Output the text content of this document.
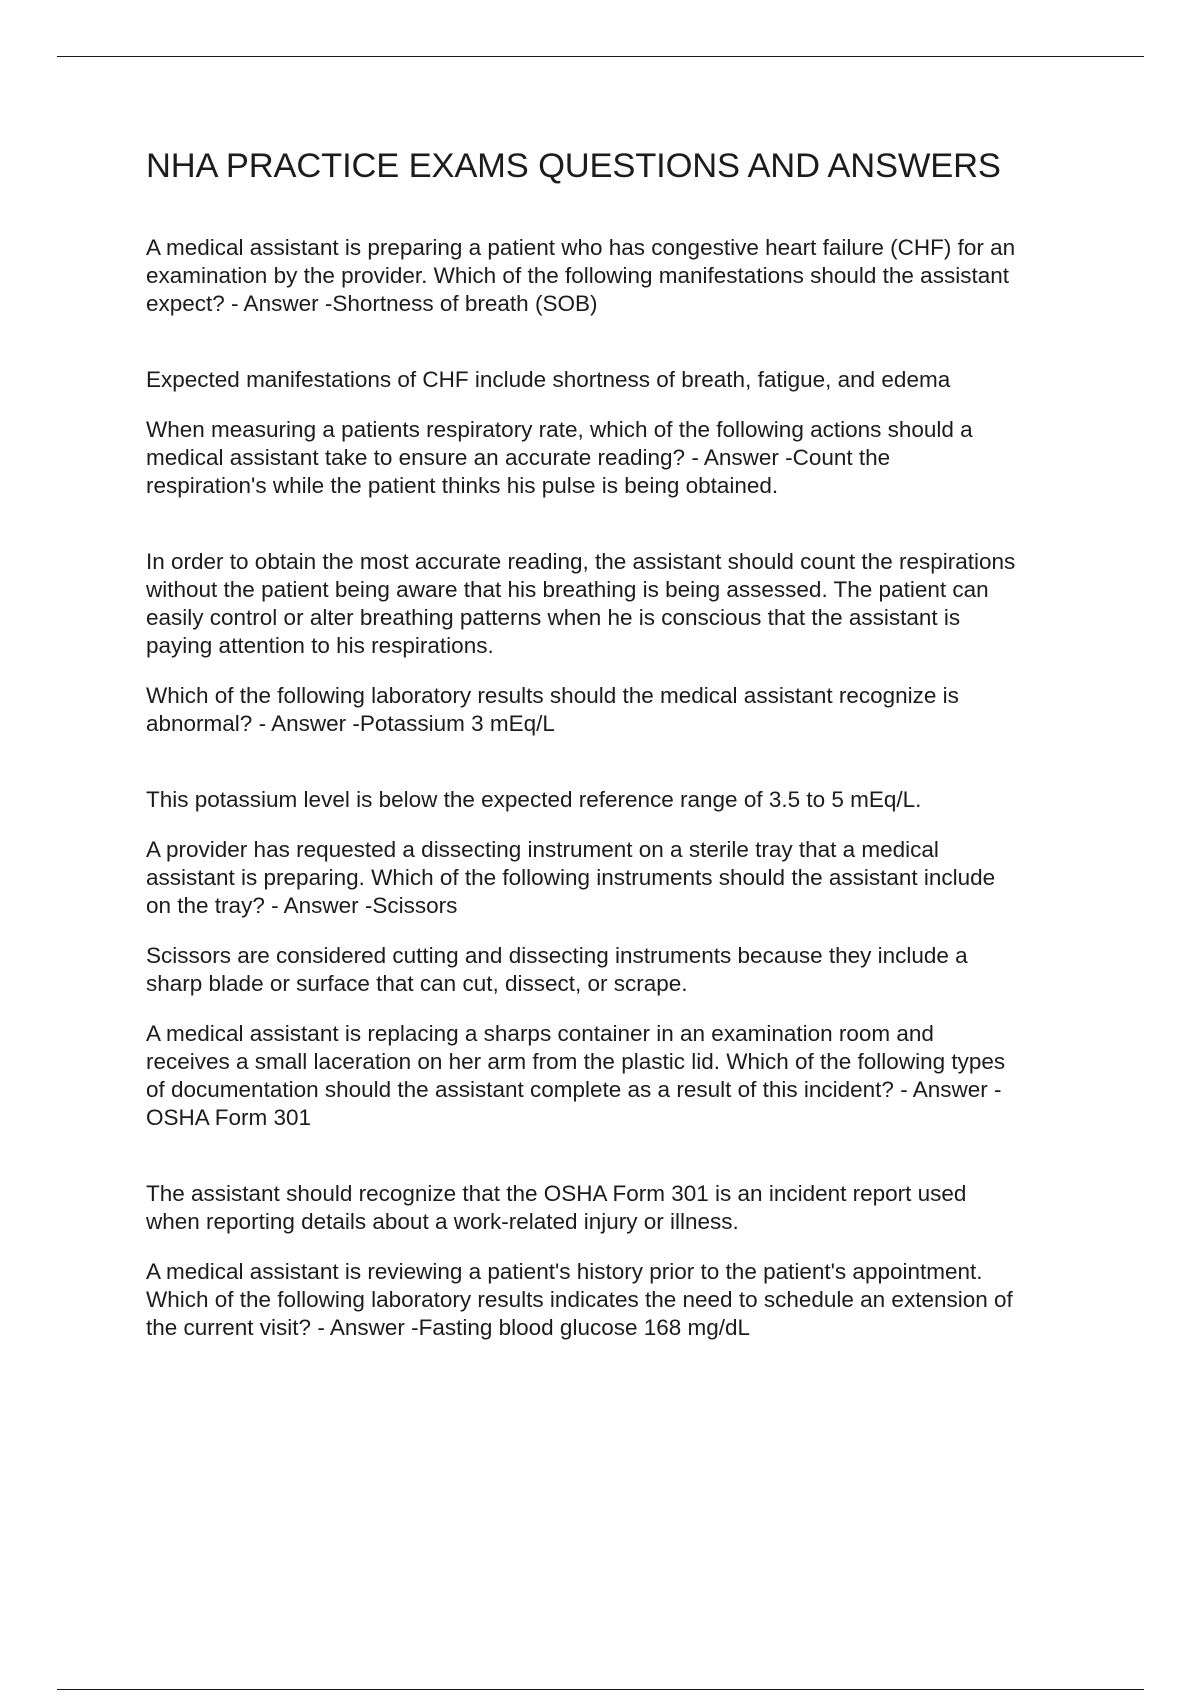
NHA PRACTICE EXAMS QUESTIONS AND ANSWERS

A medical assistant is preparing a patient who has congestive heart failure (CHF) for an
examination by the provider. Which of the following manifestations should the assistant
expect? - Answer -Shortness of breath (SOB)

Expected manifestations of CHF include shortness of breath, fatigue, and edema

When measuring a patients respiratory rate, which of the following actions should a
medical assistant take to ensure an accurate reading? - Answer -Count the
respiration's while the patient thinks his pulse is being obtained.

In order to obtain the most accurate reading, the assistant should count the respirations
without the patient being aware that his breathing is being assessed. The patient can
easily control or alter breathing patterns when he is conscious that the assistant is
paying attention to his respirations.

Which of the following laboratory results should the medical assistant recognize is
abnormal? - Answer -Potassium 3 mEq/L

This potassium level is below the expected reference range of 3.5 to 5 mEq/L.

A provider has requested a dissecting instrument on a sterile tray that a medical
assistant is preparing. Which of the following instruments should the assistant include
on the tray? - Answer -Scissors

Scissors are considered cutting and dissecting instruments because they include a
sharp blade or surface that can cut, dissect, or scrape.

A medical assistant is replacing a sharps container in an examination room and
receives a small laceration on her arm from the plastic lid. Which of the following types
of documentation should the assistant complete as a result of this incident? - Answer -
OSHA Form 301

The assistant should recognize that the OSHA Form 301 is an incident report used
when reporting details about a work-related injury or illness.

A medical assistant is reviewing a patient's history prior to the patient's appointment.
Which of the following laboratory results indicates the need to schedule an extension of
the current visit? - Answer -Fasting blood glucose 168 mg/dL
